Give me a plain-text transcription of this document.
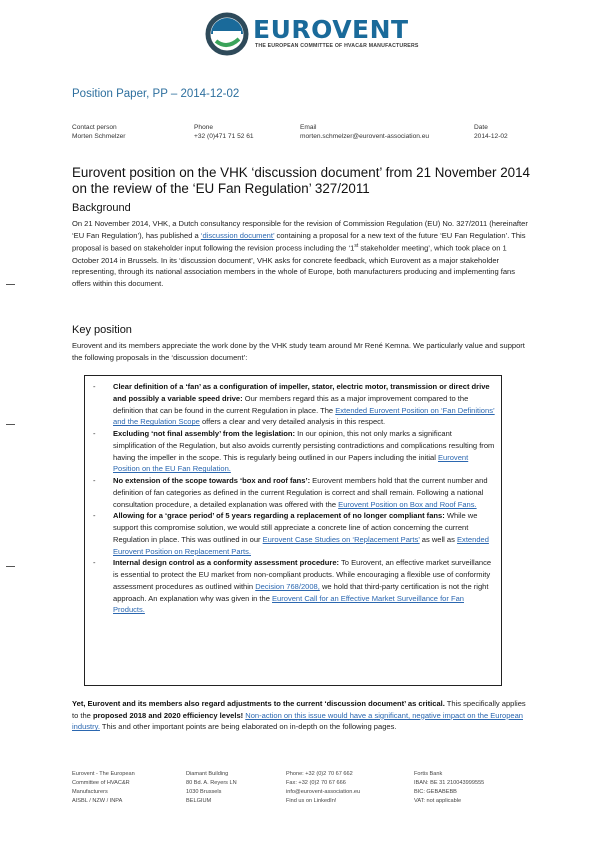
EUROVENT
THE EUROPEAN COMMITTEE OF HVAC&R MANUFACTURERS
Position Paper, PP – 2014-12-02
Contact person
Morten Schmelzer
Phone
+32 (0)471 71 52 61
Email
morten.schmelzer@eurovent-association.eu
Date
2014-12-02
Eurovent position on the VHK ‘discussion document’ from 21 November 2014 on the review of the ‘EU Fan Regulation’ 327/2011
Background
On 21 November 2014, VHK, a Dutch consultancy responsible for the revision of Commission Regulation (EU) No. 327/2011 (hereinafter ‘EU Fan Regulation’), has published a ‘discussion document’ containing a proposal for a new text of the future ‘EU Fan Regulation’. This proposal is based on stakeholder input following the revision process including the ‘1st stakeholder meeting’, which took place on 1 October 2014 in Brussels. In its ‘discussion document’, VHK asks for concrete feedback, which Eurovent as a major stakeholder representing, through its national association members in the whole of Europe, both manufacturers producing and implementing fans offers within this document.
Key position
Eurovent and its members appreciate the work done by the VHK study team around Mr René Kemna. We particularly value and support the following proposals in the ‘discussion document’:
- Clear definition of a ‘fan’ as a configuration of impeller, stator, electric motor, transmission or direct drive and possibly a variable speed drive: Our members regard this as a major improvement compared to the definition that can be found in the current Regulation in place. The Extended Eurovent Position on ‘Fan Definitions’ and the Regulation Scope offers a clear and very detailed analysis in this respect.
- Excluding ‘not final assembly’ from the legislation: In our opinion, this not only marks a significant simplification of the Regulation, but also avoids currently persisting contradictions and complications resulting from having the impeller in the scope. This is regularly being outlined in our Papers including the initial Eurovent Position on the EU Fan Regulation.
- No extension of the scope towards ‘box and roof fans’: Eurovent members hold that the current number and definition of fan categories as defined in the current Regulation is correct and shall remain. Following a national consultation procedure, a detailed explanation was offered with the Eurovent Position on Box and Roof Fans.
- Allowing for a ‘grace period’ of 5 years regarding a replacement of no longer compliant fans: While we support this compromise solution, we would still appreciate a concrete line of action concerning the current Regulation in place. This was outlined in our Eurovent Case Studies on ‘Replacement Parts’ as well as Extended Eurovent Position on Replacement Parts.
- Internal design control as a conformity assessment procedure: To Eurovent, an effective market surveillance is essential to protect the EU market from non-compliant products. While encouraging a flexible use of conformity assessment procedures as outlined within Decision 768/2008, we hold that third-party certification is not the right approach. An explanation why was given in the Eurovent Call for an Effective Market Surveillance for Fan Products.
Yet, Eurovent and its members also regard adjustments to the current ‘discussion document’ as critical. This specifically applies to the proposed 2018 and 2020 efficiency levels! Non-action on this issue would have a significant, negative impact on the European industry. This and other important points are being elaborated on in-depth on the following pages.
Eurovent - The European
Committee of HVAC&R
Manufacturers
AISBL / NZW / INPA
Diamant Building
80 Bd. A. Reyers LN
1030 Brussels
BELGIUM
Phone: +32 (0)2 70 67 662
Fax: +32 (0)2 70 67 666
info@eurovent-association.eu
Find us on LinkedIn!
Fortis Bank
IBAN: BE 31 210043999555
BIC: GEBABEBB
VAT: not applicable
